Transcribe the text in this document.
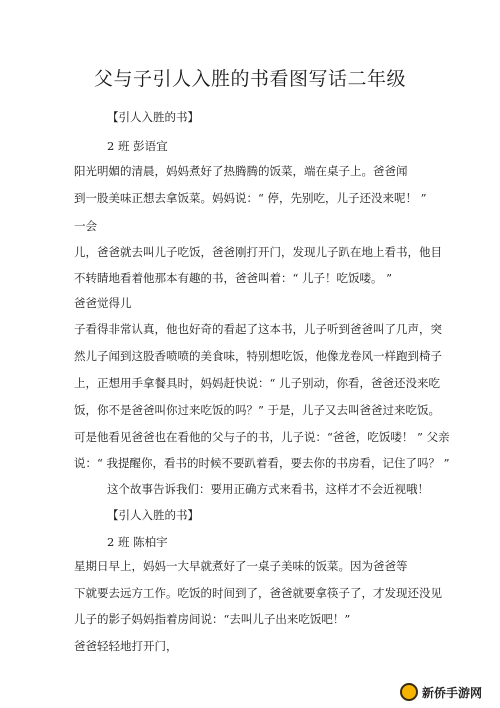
父与子引人入胜的书看图写话二年级
【引人入胜的书】
2 班 彭语宜
阳光明媚的清晨，妈妈煮好了热腾腾的饭菜，端在桌子上。爸爸闻
到一股美味正想去拿饭菜。妈妈说：“ 停，先别吃，儿子还没来呢！ ”
一会
儿，爸爸就去叫儿子吃饭，爸爸刚打开门，发现儿子趴在地上看书，他目
不转睛地看着他那本有趣的书，爸爸叫着：“ 儿子！吃饭喽。 ”
爸爸觉得儿
子看得非常认真，他也好奇的看起了这本书，儿子听到爸爸叫了几声，突
然儿子闻到这股香喷喷的美食味，特别想吃饭，他像龙卷风一样跑到椅子
上，正想用手拿餐具时，妈妈赶快说：“ 儿子别动，你看，爸爸还没来吃
饭，你不是爸爸叫你过来吃饭的吗？” 于是，儿子又去叫爸爸过来吃饭。
可是他看见爸爸也在看他的父与子的书，儿子说：“爸爸，吃饭喽！ ” 父亲
说：“ 我提醒你，看书的时候不要趴着看，要去你的书房看，记住了吗？ ”
这个故事告诉我们：要用正确方式来看书，这样才不会近视哦！
【引人入胜的书】
2 班 陈柏宇
星期日早上，妈妈一大早就煮好了一桌子美味的饭菜。因为爸爸等
下就要去远方工作。吃饭的时间到了，爸爸就要拿筷子了，才发现还没见
儿子的影子妈妈指着房间说：“去叫儿子出来吃饭吧！”
爸爸轻轻地打开门，
新侨手游网
